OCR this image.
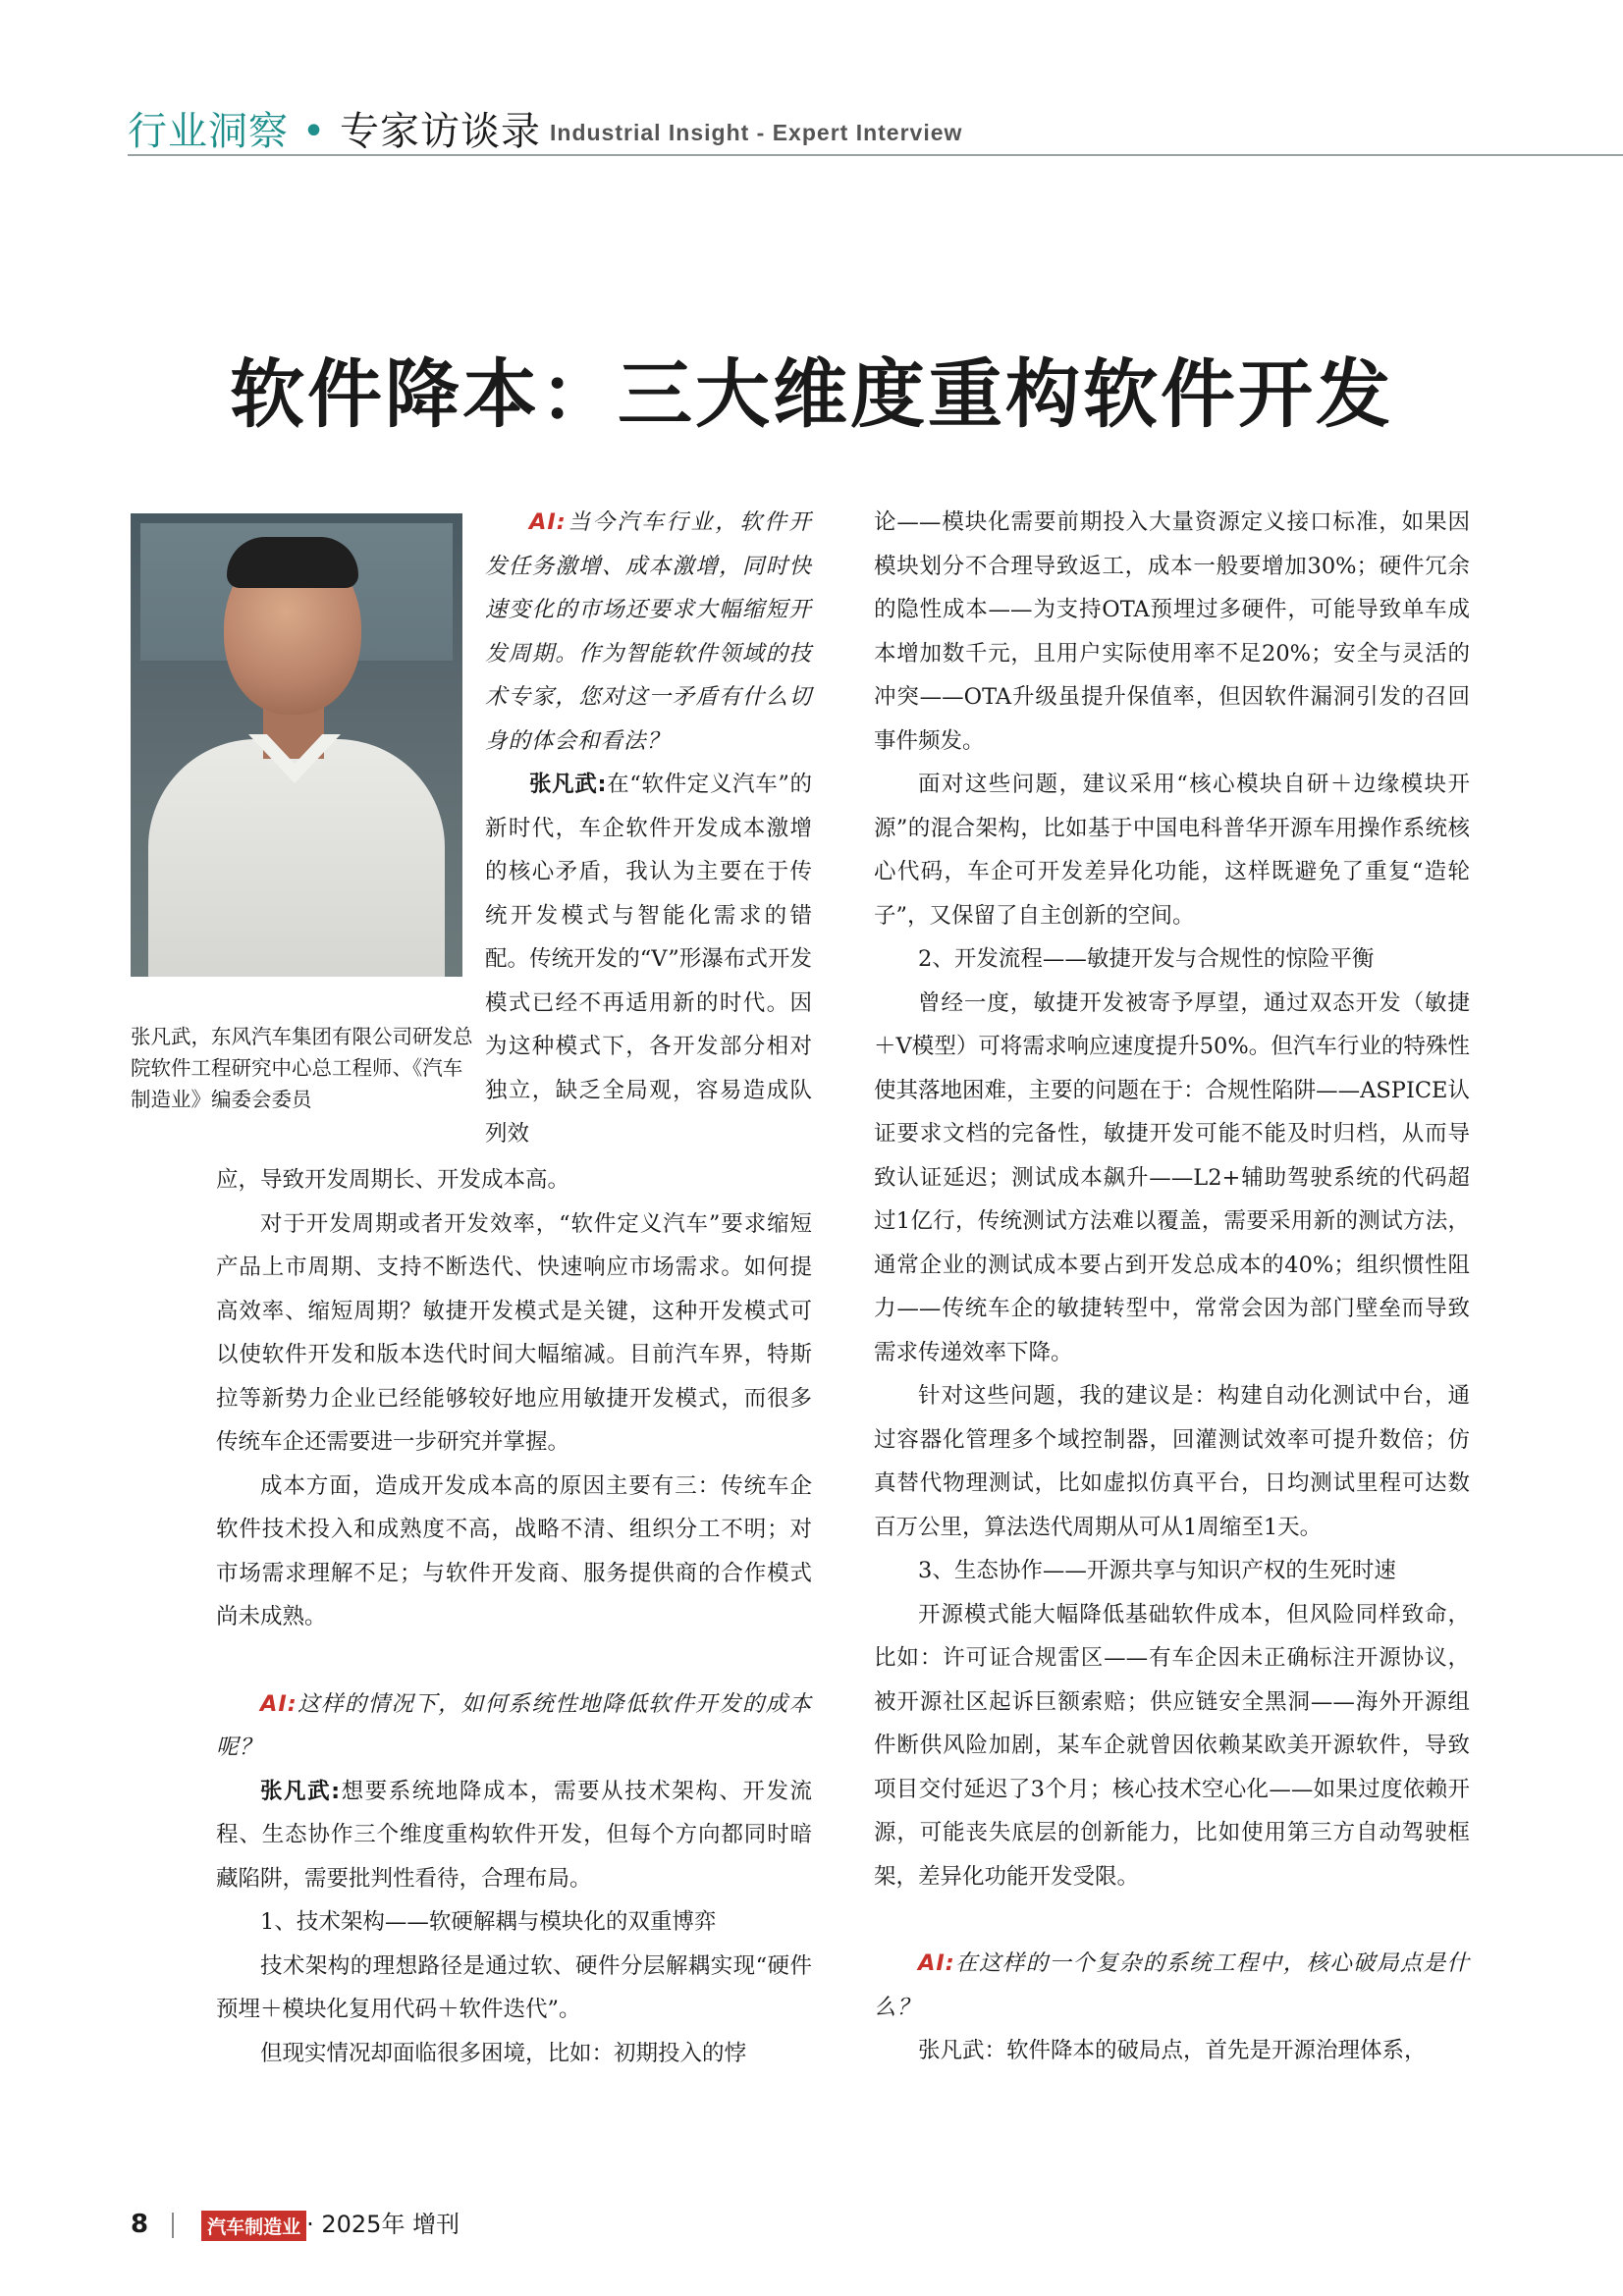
行业洞察 • 专家访谈录 Industrial Insight - Expert Interview
软件降本：三大维度重构软件开发
张凡武，东风汽车集团有限公司研发总院软件工程研究中心总工程师、《汽车制造业》编委会委员

AI:当今汽车行业，软件开发任务激增、成本激增，同时快速变化的市场还要求大幅缩短开发周期。作为智能软件领域的技术专家，您对这一矛盾有什么切身的体会和看法？

张凡武:在“软件定义汽车”的新时代，车企软件开发成本激增的核心矛盾，我认为主要在于传统开发模式与智能化需求的错配。传统开发的“V”形瀑布式开发模式已经不再适用新的时代。因为这种模式下，各开发部分相对独立，缺乏全局观，容易造成队列效

应，导致开发周期长、开发成本高。

对于开发周期或者开发效率，“软件定义汽车”要求缩短产品上市周期、支持不断迭代、快速响应市场需求。如何提高效率、缩短周期？敏捷开发模式是关键，这种开发模式可以使软件开发和版本迭代时间大幅缩减。目前汽车界，特斯拉等新势力企业已经能够较好地应用敏捷开发模式，而很多传统车企还需要进一步研究并掌握。

成本方面，造成开发成本高的原因主要有三：传统车企软件技术投入和成熟度不高，战略不清、组织分工不明；对市场需求理解不足；与软件开发商、服务提供商的合作模式尚未成熟。

AI:这样的情况下，如何系统性地降低软件开发的成本呢？

张凡武:想要系统地降成本，需要从技术架构、开发流程、生态协作三个维度重构软件开发，但每个方向都同时暗藏陷阱，需要批判性看待，合理布局。

1、技术架构——软硬解耦与模块化的双重博弈

技术架构的理想路径是通过软、硬件分层解耦实现“硬件预埋＋模块化复用代码＋软件迭代”。

但现实情况却面临很多困境，比如：初期投入的悖

论——模块化需要前期投入大量资源定义接口标准，如果因模块划分不合理导致返工，成本一般要增加30%；硬件冗余的隐性成本——为支持OTA预埋过多硬件，可能导致单车成本增加数千元，且用户实际使用率不足20%；安全与灵活的冲突——OTA升级虽提升保值率，但因软件漏洞引发的召回事件频发。

面对这些问题，建议采用“核心模块自研＋边缘模块开源”的混合架构，比如基于中国电科普华开源车用操作系统核心代码，车企可开发差异化功能，这样既避免了重复“造轮子”，又保留了自主创新的空间。

2、开发流程——敏捷开发与合规性的惊险平衡

曾经一度，敏捷开发被寄予厚望，通过双态开发（敏捷＋V模型）可将需求响应速度提升50%。但汽车行业的特殊性使其落地困难，主要的问题在于：合规性陷阱——ASPICE认证要求文档的完备性，敏捷开发可能不能及时归档，从而导致认证延迟；测试成本飙升——L2+辅助驾驶系统的代码超过1亿行，传统测试方法难以覆盖，需要采用新的测试方法，通常企业的测试成本要占到开发总成本的40%；组织惯性阻力——传统车企的敏捷转型中，常常会因为部门壁垒而导致需求传递效率下降。

针对这些问题，我的建议是：构建自动化测试中台，通过容器化管理多个域控制器，回灌测试效率可提升数倍；仿真替代物理测试，比如虚拟仿真平台，日均测试里程可达数百万公里，算法迭代周期从可从1周缩至1天。

3、生态协作——开源共享与知识产权的生死时速

开源模式能大幅降低基础软件成本，但风险同样致命，比如：许可证合规雷区——有车企因未正确标注开源协议，被开源社区起诉巨额索赔；供应链安全黑洞——海外开源组件断供风险加剧，某车企就曾因依赖某欧美开源软件，导致项目交付延迟了3个月；核心技术空心化——如果过度依赖开源，可能丧失底层的创新能力，比如使用第三方自动驾驶框架，差异化功能开发受限。

AI:在这样的一个复杂的系统工程中，核心破局点是什么？

张凡武：软件降本的破局点，首先是开源治理体系，

8	汽车制造业 · 2025年 增刊
